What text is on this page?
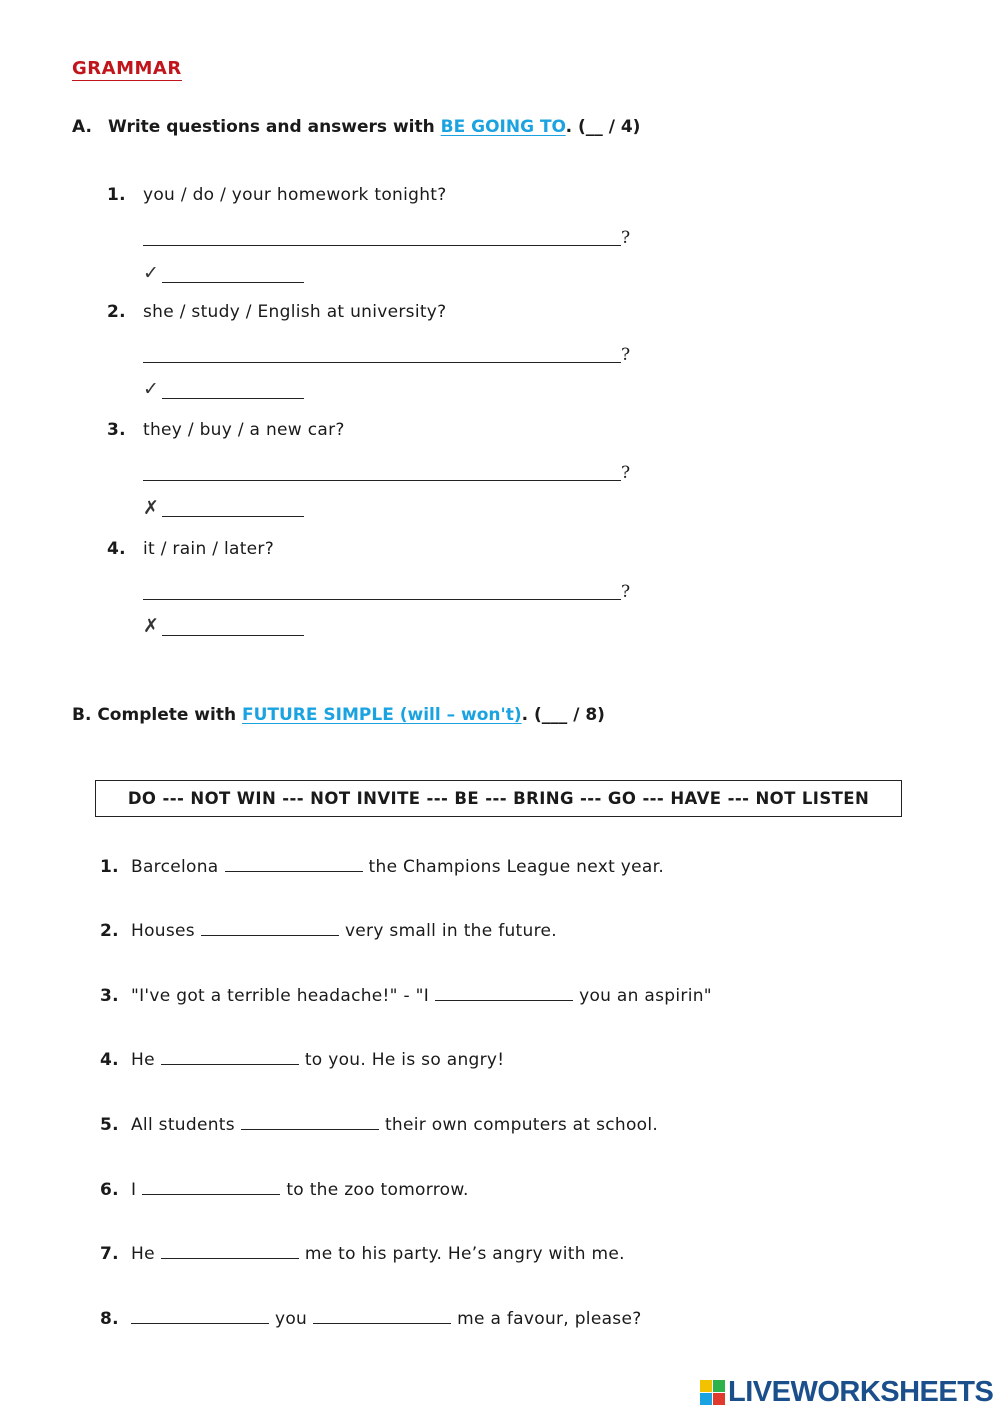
GRAMMAR
A. Write questions and answers with BE GOING TO. (__ / 4)
1. you / do / your homework tonight?
?
✓
2. she / study / English at university?
?
✓
3. they / buy / a new car?
?
✗
4. it / rain / later?
?
✗
B. Complete with FUTURE SIMPLE (will – won't). (___ / 8)
DO --- NOT WIN --- NOT INVITE --- BE --- BRING --- GO --- HAVE --- NOT LISTEN
1. Barcelona	the Champions League next year.
2. Houses	very small in the future.
3. "I've got a terrible headache!" - "I	you an aspirin"
4. He	to you. He is so angry!
5. All students	their own computers at school.
6. I	to the zoo tomorrow.
7. He	me to his party. He’s angry with me.
8.	you	me a favour, please?
LIVEWORKSHEETS
